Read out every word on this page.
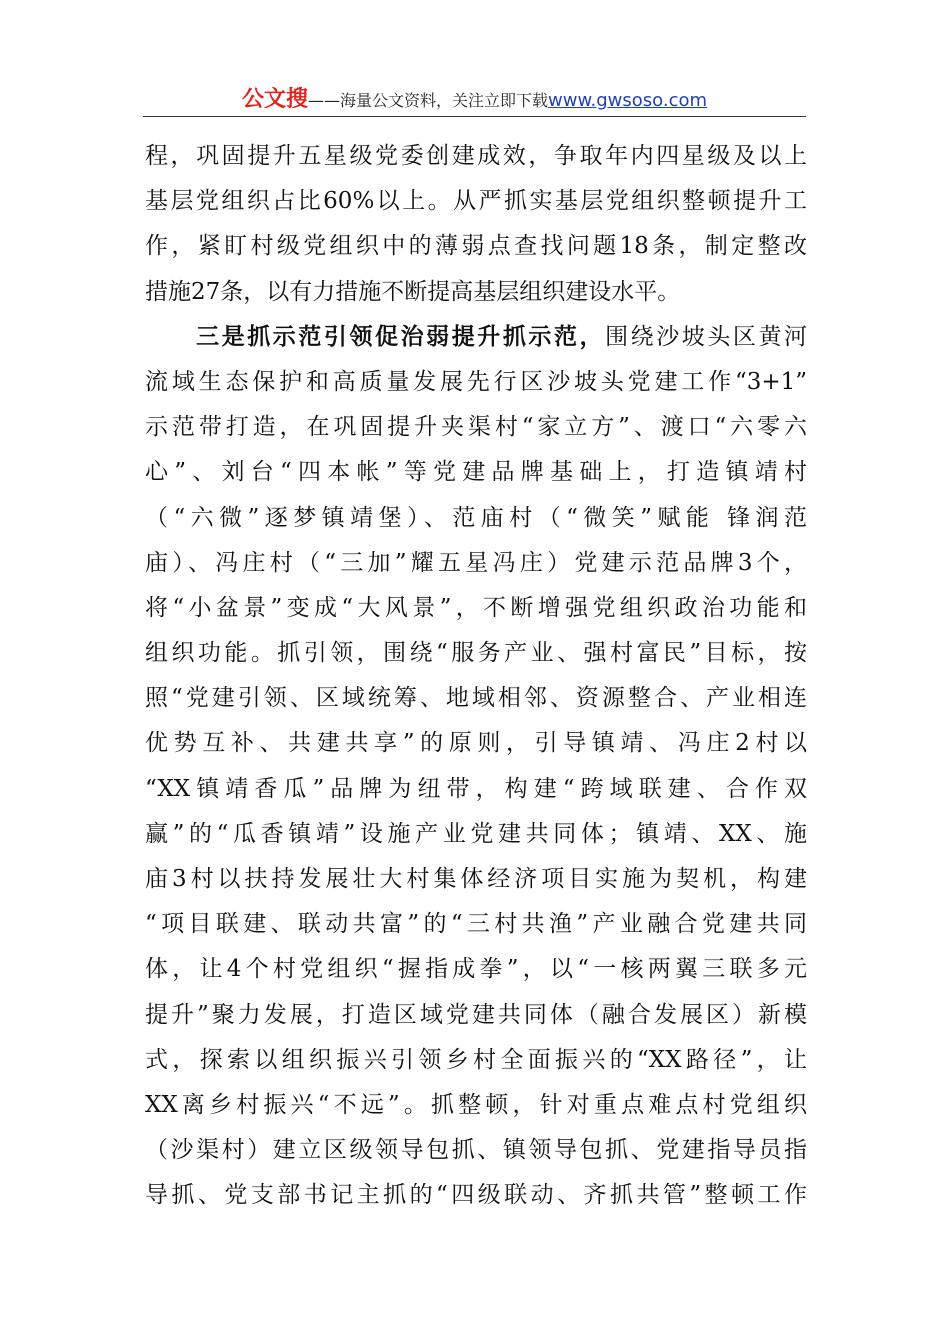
公文搜——海量公文资料，关注立即下载www.gwsoso.com
程，巩固提升五星级党委创建成效，争取年内四星级及以上
基层党组织占比60%以上。从严抓实基层党组织整顿提升工
作，紧盯村级党组织中的薄弱点查找问题18条，制定整改
措施27条，以有力措施不断提高基层组织建设水平。
　　三是抓示范引领促治弱提升抓示范，围绕沙坡头区黄河
流域生态保护和高质量发展先行区沙坡头党建工作“3+1”
示范带打造，在巩固提升夹渠村“家立方”、渡口“六零六
心”、刘台“四本帐”等党建品牌基础上，打造镇靖村
（“六微”逐梦镇靖堡）、范庙村（“微笑”赋能 锋润范
庙）、冯庄村（“三加”耀五星冯庄）党建示范品牌3个，
将“小盆景”变成“大风景”，不断增强党组织政治功能和
组织功能。抓引领，围绕“服务产业、强村富民”目标，按
照“党建引领、区域统筹、地域相邻、资源整合、产业相连
优势互补、共建共享”的原则，引导镇靖、冯庄2村以
“XX镇靖香瓜”品牌为纽带，构建“跨域联建、合作双
赢”的“瓜香镇靖”设施产业党建共同体；镇靖、XX、施
庙3村以扶持发展壮大村集体经济项目实施为契机，构建
“项目联建、联动共富”的“三村共渔”产业融合党建共同
体，让4个村党组织“握指成拳”，以“一核两翼三联多元
提升”聚力发展，打造区域党建共同体（融合发展区）新模
式，探索以组织振兴引领乡村全面振兴的“XX路径”，让
XX离乡村振兴“不远”。抓整顿，针对重点难点村党组织
（沙渠村）建立区级领导包抓、镇领导包抓、党建指导员指
导抓、党支部书记主抓的“四级联动、齐抓共管”整顿工作
